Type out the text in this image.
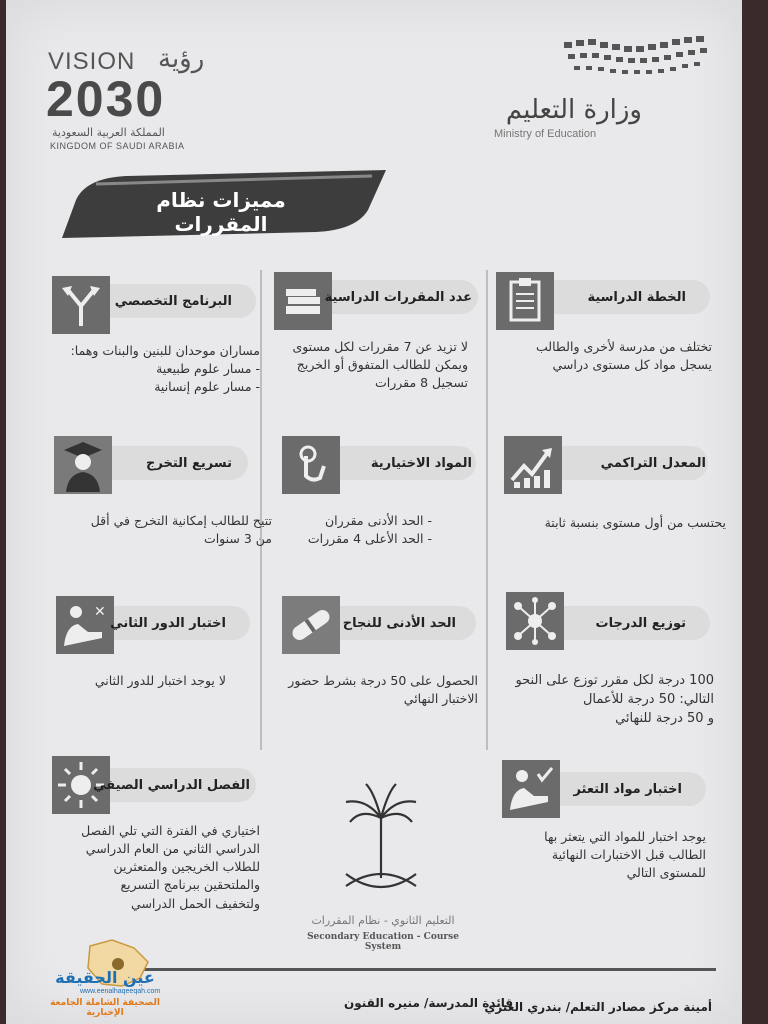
VISION رؤية
2030
المملكة العربية السعودية
KINGDOM OF SAUDI ARABIA
وزارة التعليم
Ministry of Education
مميزات نظام المقررات
الخطة الدراسية
تختلف من مدرسة لأخرى والطالب
يسجل مواد كل مستوى دراسي
عدد المقررات الدراسية
لا تزيد عن 7 مقررات لكل مستوى
ويمكن للطالب المتفوق أو الخريج
تسجيل 8 مقررات
البرنامج التخصصي
مساران موحدان للبنين والبنات وهما:
- مسار علوم طبيعية
- مسار علوم إنسانية
المعدل التراكمي
يحتسب من أول مستوى بنسبة ثابتة
المواد الاختيارية
- الحد الأدنى مقرران
- الحد الأعلى 4 مقررات
تسريع التخرج
تتيح للطالب إمكانية التخرج في أقل
من 3 سنوات
توزيع الدرجات
100 درجة لكل مقرر توزع على النحو
التالي: 50 درجة للأعمال
و 50 درجة للنهائي
الحد الأدنى للنجاح
الحصول على 50 درجة بشرط حضور
الاختبار النهائي
✕
اختبار الدور الثاني
لا يوجد اختبار للدور الثاني
اختبار مواد التعثر
يوجد اختبار للمواد التي يتعثر بها
الطالب قبل الاختبارات النهائية
للمستوى التالي
الفصل الدراسي الصيفي
اختياري في الفترة التي تلي الفصل
الدراسي الثاني من العام الدراسي
للطلاب الخريجين والمتعثرين
والملتحقين ببرنامج التسريع
ولتخفيف الحمل الدراسي
التعليم الثانوي - نظام المقررات
Secondary Education - Course System
أمينة مركز مصادر التعلم/ بندري العنزي
قائدة المدرسة/ منيره القنون
عين الحقيقة
www.eenalhaqeeqah.com
الصحيفة الشاملة الجامعة الإخبارية
